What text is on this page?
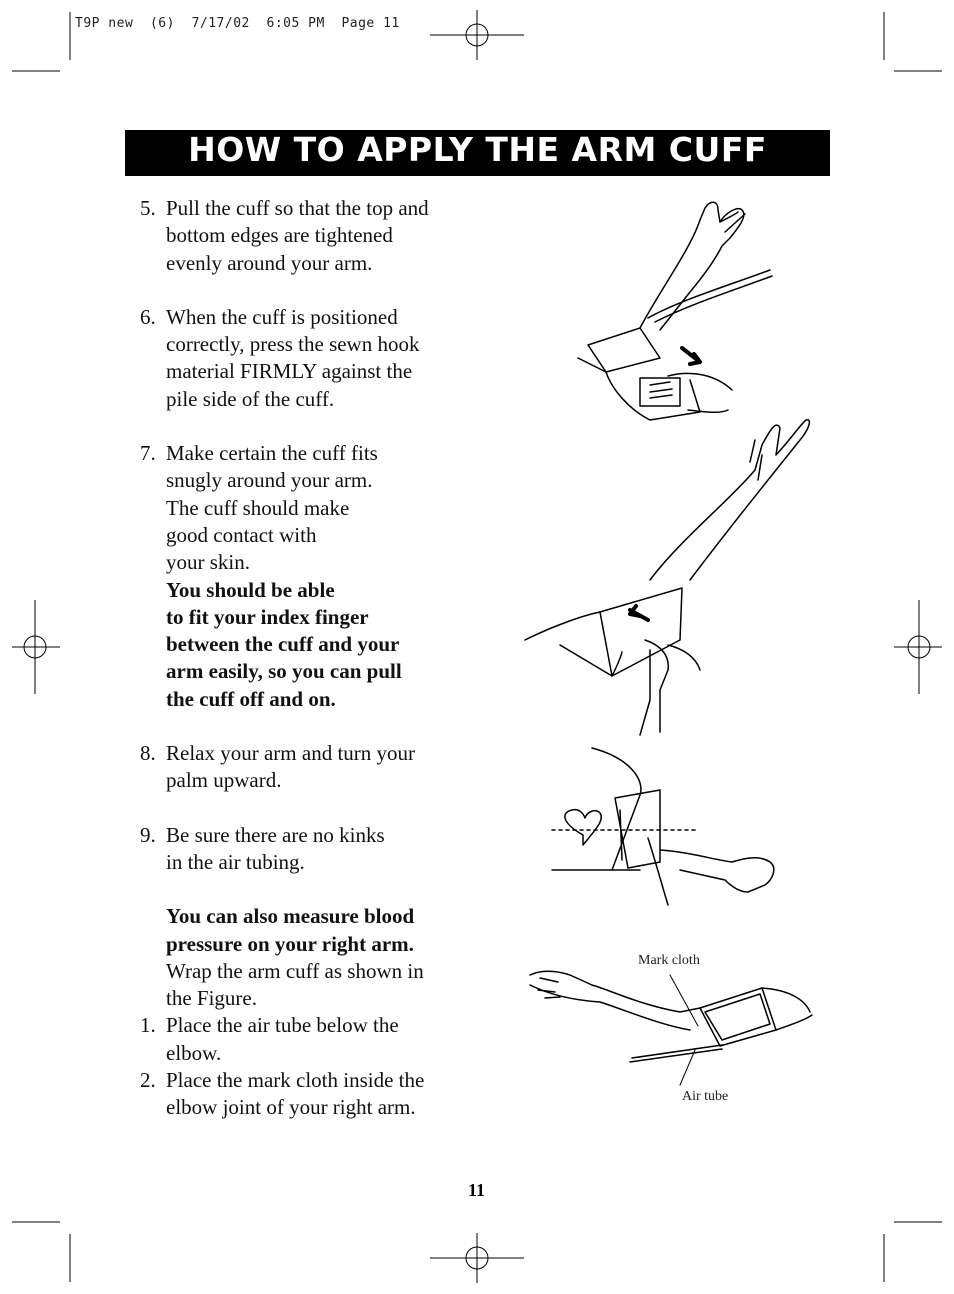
T9P new  (6)  7/17/02  6:05 PM  Page 11
HOW TO APPLY THE ARM CUFF
5. Pull the cuff so that the top and
bottom edges are tightened
evenly around your arm.
6. When the cuff is positioned
correctly, press the sewn hook
material FIRMLY against the
pile side of the cuff.
7. Make certain the cuff fits
snugly around your arm.
The cuff should make
good contact with
your skin.
You should be able
to fit your index finger
between the cuff and your
arm easily, so you can pull
the cuff off and on.
8. Relax your arm and turn your
palm upward.
9. Be sure there are no kinks
in the air tubing.
You can also measure blood
pressure on your right arm.
Wrap the arm cuff as shown in
the Figure.
1. Place the air tube below the
elbow.
2. Place the mark cloth inside the
elbow joint of your right arm.
Mark cloth
Air tube
11
